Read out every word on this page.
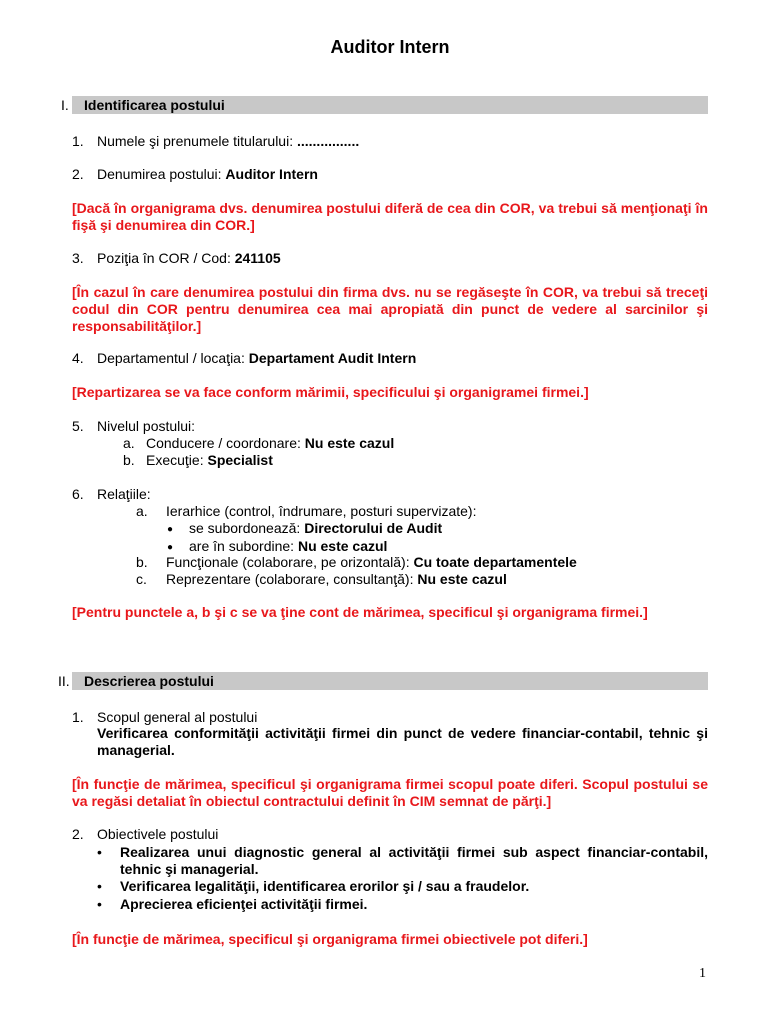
Auditor Intern
I.	Identificarea postului
1. Numele şi prenumele titularului: ................
2. Denumirea postului: Auditor Intern
[Dacă în organigrama dvs. denumirea postului diferă de cea din COR, va trebui să menţionaţi în fişă şi denumirea din COR.]
3. Poziţia în COR / Cod: 241105
[În cazul în care denumirea postului din firma dvs. nu se regăseşte în COR, va trebui să treceţi codul din COR pentru denumirea cea mai apropiată din punct de vedere al sarcinilor şi responsabilităţilor.]
4. Departamentul / locaţia: Departament Audit Intern
[Repartizarea se va face conform mărimii, specificului şi organigramei firmei.]
5. Nivelul postului:
a. Conducere / coordonare: Nu este cazul
b. Execuţie: Specialist
6. Relaţiile:
a. Ierarhice (control, îndrumare, posturi supervizate):
● se subordonează: Directorului de Audit
● are în subordine: Nu este cazul
b. Funcţionale (colaborare, pe orizontală): Cu toate departamentele
c. Reprezentare (colaborare, consultanţă): Nu este cazul
[Pentru punctele a, b şi c se va ţine cont de mărimea, specificul şi organigrama firmei.]
II.	Descrierea postului
1. Scopul general al postului
Verificarea conformităţii activităţii firmei din punct de vedere financiar-contabil, tehnic şi managerial.
[În funcţie de mărimea, specificul şi organigrama firmei scopul poate diferi. Scopul postului se va regăsi detaliat în obiectul contractului definit în CIM semnat de părţi.]
2. Obiectivele postului
• Realizarea unui diagnostic general al activităţii firmei sub aspect financiar-contabil, tehnic şi managerial.
• Verificarea legalităţii, identificarea erorilor şi / sau a fraudelor.
• Aprecierea eficienţei activităţii firmei.
[În funcţie de mărimea, specificul şi organigrama firmei obiectivele pot diferi.]
1
